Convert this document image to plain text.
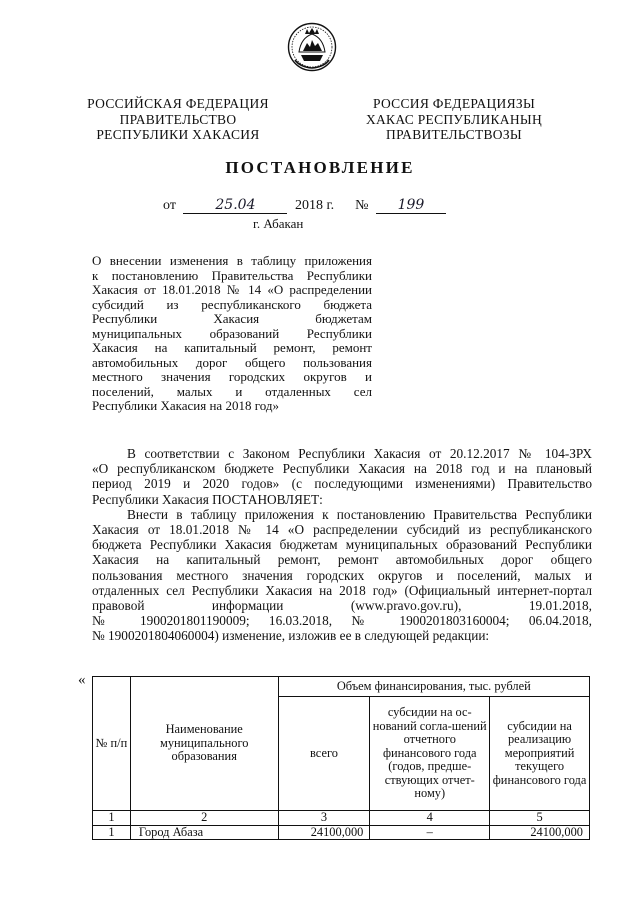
РОССИЙСКАЯ ФЕДЕРАЦИЯ
ПРАВИТЕЛЬСТВО
РЕСПУБЛИКИ ХАКАСИЯ
РОССИЯ ФЕДЕРАЦИЯЗЫ
ХАКАС РЕСПУБЛИКАНЫҢ
ПРАВИТЕЛЬСТВОЗЫ
ПОСТАНОВЛЕНИЕ
от	25.04	2018 г. № 199
г. Абакан
О внесении изменения в таблицу приложения
к постановлению Правительства Республики
Хакасия от 18.01.2018 № 14 «О распределении
субсидий из республиканского бюджета
Республики Хакасия бюджетам
муниципальных образований Республики
Хакасия на капитальный ремонт, ремонт
автомобильных дорог общего пользования
местного значения городских округов и
поселений, малых и отдаленных сел
Республики Хакасия на 2018 год»
В соответствии с Законом Республики Хакасия от 20.12.2017 № 104-ЗРХ
«О республиканском бюджете Республики Хакасия на 2018 год и на плановый
период 2019 и 2020 годов» (с последующими изменениями) Правительство
Республики Хакасия ПОСТАНОВЛЯЕТ:
Внести в таблицу приложения к постановлению Правительства Республики
Хакасия от 18.01.2018 № 14 «О распределении субсидий из республиканского
бюджета Республики Хакасия бюджетам муниципальных образований Республики
Хакасия на капитальный ремонт, ремонт автомобильных дорог общего
пользования местного значения городских округов и поселений, малых и
отдаленных сел Республики Хакасия на 2018 год» (Официальный интернет-портал
правовой информации (www.pravo.gov.ru), 19.01.2018,
№ 1900201801190009; 16.03.2018, № 1900201803160004; 06.04.2018,
№ 1900201804060004) изменение, изложив ее в следующей редакции:
«
№ п/п	Наименование муниципального образования	Объем финансирования, тыс. рублей		
		всего	субсидии на ос-нований согла-шений отчетного финансового года (годов, предше-ствующих отчет-ному)	субсидии на реализацию мероприятий текущего финансового года
1	2	3	4	5
1	Город Абаза	24100,000	–	24100,000
